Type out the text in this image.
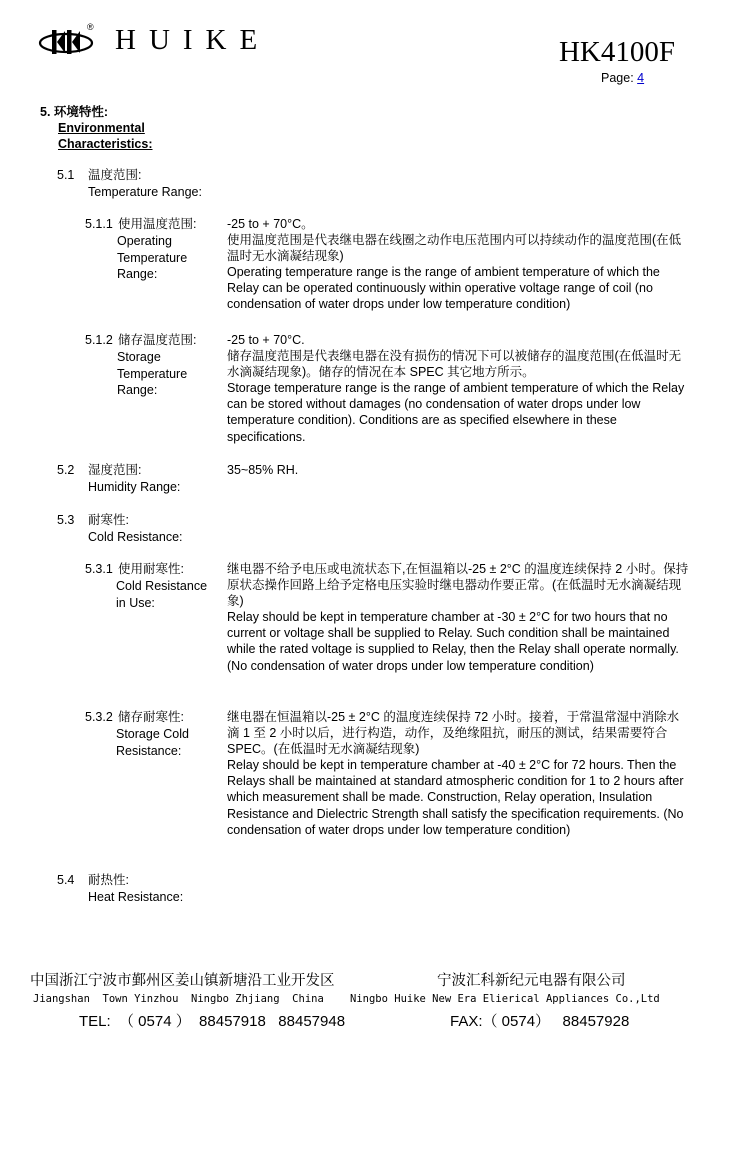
® HUIKE	HK4100F
Page: 4
5. 环境特性:
Environmental Characteristics:
5.1 温度范围:
Temperature Range:
5.1.1 使用温度范围:
Operating Temperature Range:
-25 to + 70°C。
使用温度范围是代表继电器在线圈之动作电压范围内可以持续动作的温度范围(在低温时无水滴凝结现象)
Operating temperature range is the range of ambient temperature of which the Relay can be operated continuously within operative voltage range of coil (no condensation of water drops under low temperature condition)
5.1.2 储存温度范围:
Storage Temperature Range:
-25 to + 70°C.
储存温度范围是代表继电器在没有损伤的情况下可以被储存的温度范围(在低温时无水滴凝结现象)。储存的情况在本 SPEC 其它地方所示。
Storage temperature range is the range of ambient temperature of which the Relay can be stored without damages (no condensation of water drops under low temperature condition). Conditions are as specified elsewhere in these specifications.
5.2 湿度范围:
Humidity Range:
35~85% RH.
5.3 耐寒性:
Cold Resistance:
5.3.1 使用耐寒性:
Cold Resistance in Use:
继电器不给予电压或电流状态下,在恒温箱以-25 ± 2°C 的温度连续保持 2 小时。保持原状态操作回路上给予定格电压实验时继电器动作要正常。(在低温时无水滴凝结现象)
Relay should be kept in temperature chamber at -30 ± 2°C for two hours that no current or voltage shall be supplied to Relay. Such condition shall be maintained while the rated voltage is supplied to Relay, then the Relay shall operate normally. (No condensation of water drops under low temperature condition)
5.3.2 储存耐寒性:
Storage Cold Resistance:
继电器在恒温箱以-25 ± 2°C 的温度连续保持 72 小时。接着，于常温常湿中消除水滴 1 至 2 小时以后，进行构造，动作，及绝缘阻抗，耐压的测试，结果需要符合 SPEC。(在低温时无水滴凝结现象)
Relay should be kept in temperature chamber at -40 ± 2°C for 72 hours. Then the Relays shall be maintained at standard atmospheric condition for 1 to 2 hours after which measurement shall be made. Construction, Relay operation, Insulation Resistance and Dielectric Strength shall satisfy the specification requirements. (No condensation of water drops under low temperature condition)
5.4 耐热性:
Heat Resistance:
中国浙江宁波市鄞州区姜山镇新塘沿工业开发区	宁波汇科新纪元电器有限公司
Jiangshan  Town Yinzhou  Ningbo Zhjiang  China Ningbo Huike New Era Elierical Appliances Co.,Ltd
TEL:  （ 0574 ）  88457918   88457948	FAX:（ 0574）   88457928
